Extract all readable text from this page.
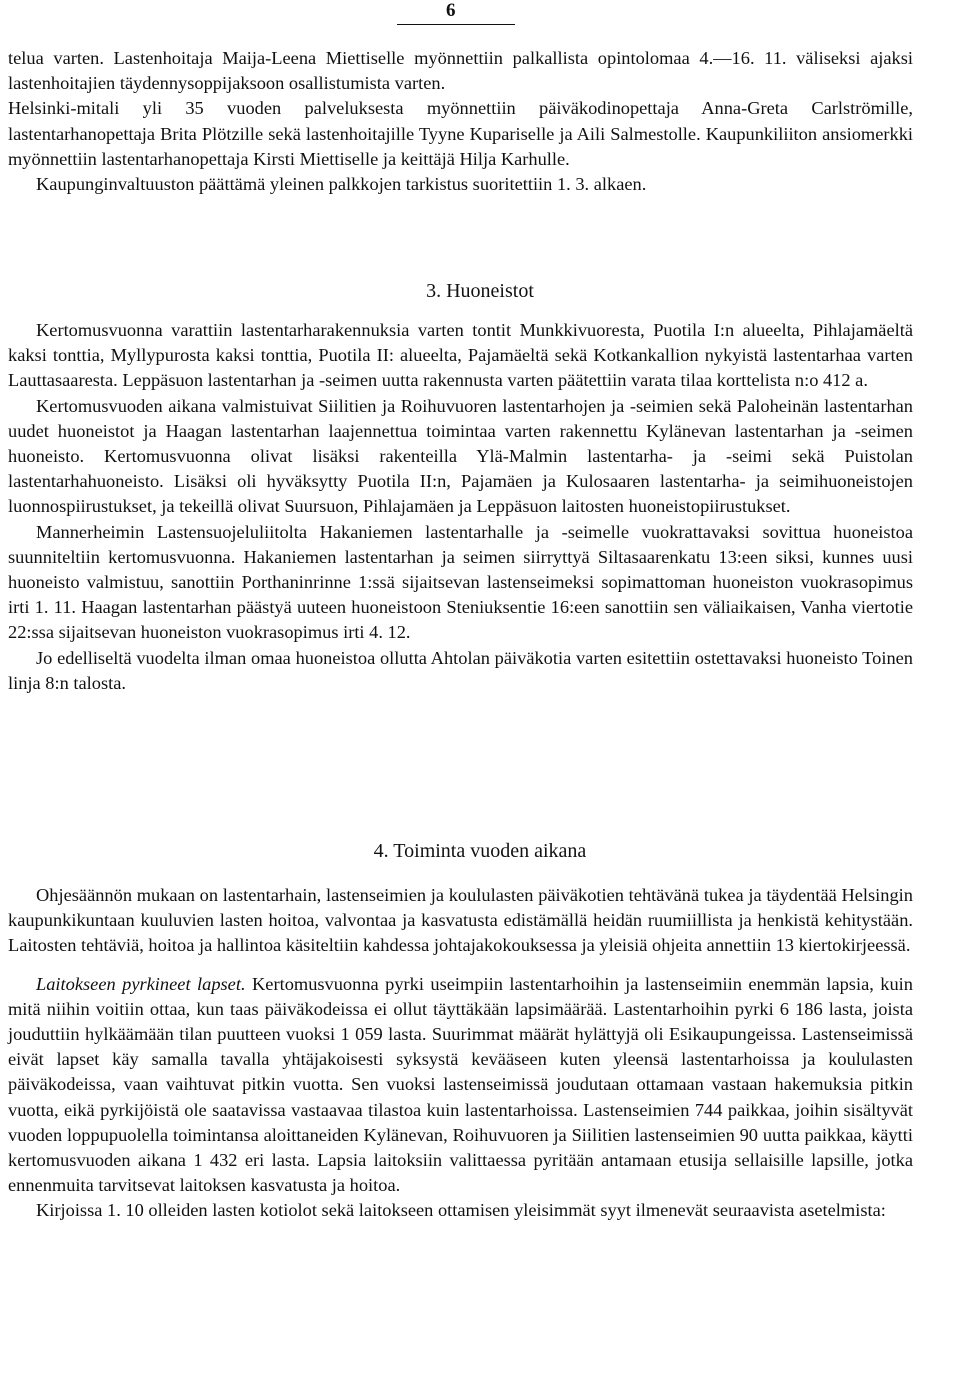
6

telua varten. Lastenhoitaja Maija-Leena Miettiselle myönnettiin palkallista opintolomaa 4.—16. 11. väliseksi ajaksi lastenhoitajien täydennysoppijaksoon osallistumista varten.

Helsinki-mitali yli 35 vuoden palveluksesta myönnettiin päiväkodinopettaja Anna-Greta Carlströmille, lastentarhanopettaja Brita Plötzille sekä lastenhoitajille Tyyne Kupariselle ja Aili Salmestolle. Kaupunkiliiton ansiomerkki myönnettiin lastentarhanopettaja Kirsti Miettiselle ja keittäjä Hilja Karhulle.

Kaupunginvaltuuston päättämä yleinen palkkojen tarkistus suoritettiin 1. 3. alkaen.

3. Huoneistot

Kertomusvuonna varattiin lastentarharakennuksia varten tontit Munkkivuoresta, Puotila I:n alueelta, Pihlajamäeltä kaksi tonttia, Myllypurosta kaksi tonttia, Puotila II: alueelta, Pajamäeltä sekä Kotkankallion nykyistä lastentarhaa varten Lauttasaaresta. Leppäsuon lastentarhan ja -seimen uutta rakennusta varten päätettiin varata tilaa korttelista n:o 412 a.

Kertomusvuoden aikana valmistuivat Siilitien ja Roihuvuoren lastentarhojen ja -seimien sekä Paloheinän lastentarhan uudet huoneistot ja Haagan lastentarhan laajennettua toimintaa varten rakennettu Kylänevan lastentarhan ja -seimen huoneisto. Kertomusvuonna olivat lisäksi rakenteilla Ylä-Malmin lastentarha- ja -seimi sekä Puistolan lastentarhahuoneisto. Lisäksi oli hyväksytty Puotila II:n, Pajamäen ja Kulosaaren lastentarha- ja seimihuoneistojen luonnospiirustukset, ja tekeillä olivat Suursuon, Pihlajamäen ja Leppäsuon laitosten huoneistopiirustukset.

Mannerheimin Lastensuojeluliitolta Hakaniemen lastentarhalle ja -seimelle vuokrattavaksi sovittua huoneistoa suunniteltiin kertomusvuonna. Hakaniemen lastentarhan ja seimen siirryttyä Siltasaarenkatu 13:een siksi, kunnes uusi huoneisto valmistuu, sanottiin Porthaninrinne 1:ssä sijaitsevan lastenseimeksi sopimattoman huoneiston vuokrasopimus irti 1. 11. Haagan lastentarhan päästyä uuteen huoneistoon Steniuksentie 16:een sanottiin sen väliaikaisen, Vanha viertotie 22:ssa sijaitsevan huoneiston vuokrasopimus irti 4. 12.

Jo edelliseltä vuodelta ilman omaa huoneistoa ollutta Ahtolan päiväkotia varten esitettiin ostettavaksi huoneisto Toinen linja 8:n talosta.

4. Toiminta vuoden aikana

Ohjesäännön mukaan on lastentarhain, lastenseimien ja koululasten päiväkotien tehtävänä tukea ja täydentää Helsingin kaupunkikuntaan kuuluvien lasten hoitoa, valvontaa ja kasvatusta edistämällä heidän ruumiillista ja henkistä kehitystään. Laitosten tehtäviä, hoitoa ja hallintoa käsiteltiin kahdessa johtajakokouksessa ja yleisiä ohjeita annettiin 13 kiertokirjeessä.

Laitokseen pyrkineet lapset. Kertomusvuonna pyrki useimpiin lastentarhoihin ja lastenseimiin enemmän lapsia, kuin mitä niihin voitiin ottaa, kun taas päiväkodeissa ei ollut täyttäkään lapsimäärää. Lastentarhoihin pyrki 6 186 lasta, joista jouduttiin hylkäämään tilan puutteen vuoksi 1 059 lasta. Suurimmat määrät hylättyjä oli Esikaupungeissa. Lastenseimissä eivät lapset käy samalla tavalla yhtäjakoisesti syksystä kevääseen kuten yleensä lastentarhoissa ja koululasten päiväkodeissa, vaan vaihtuvat pitkin vuotta. Sen vuoksi lastenseimissä joudutaan ottamaan vastaan hakemuksia pitkin vuotta, eikä pyrkijöistä ole saatavissa vastaavaa tilastoa kuin lastentarhoissa. Lastenseimien 744 paikkaa, joihin sisältyvät vuoden loppupuolella toimintansa aloittaneiden Kylänevan, Roihuvuoren ja Siilitien lastenseimien 90 uutta paikkaa, käytti kertomusvuoden aikana 1 432 eri lasta. Lapsia laitoksiin valittaessa pyritään antamaan etusija sellaisille lapsille, jotka ennenmuita tarvitsevat laitoksen kasvatusta ja hoitoa.

Kirjoissa 1. 10 olleiden lasten kotiolot sekä laitokseen ottamisen yleisimmät syyt ilmenevät seuraavista asetelmista:
